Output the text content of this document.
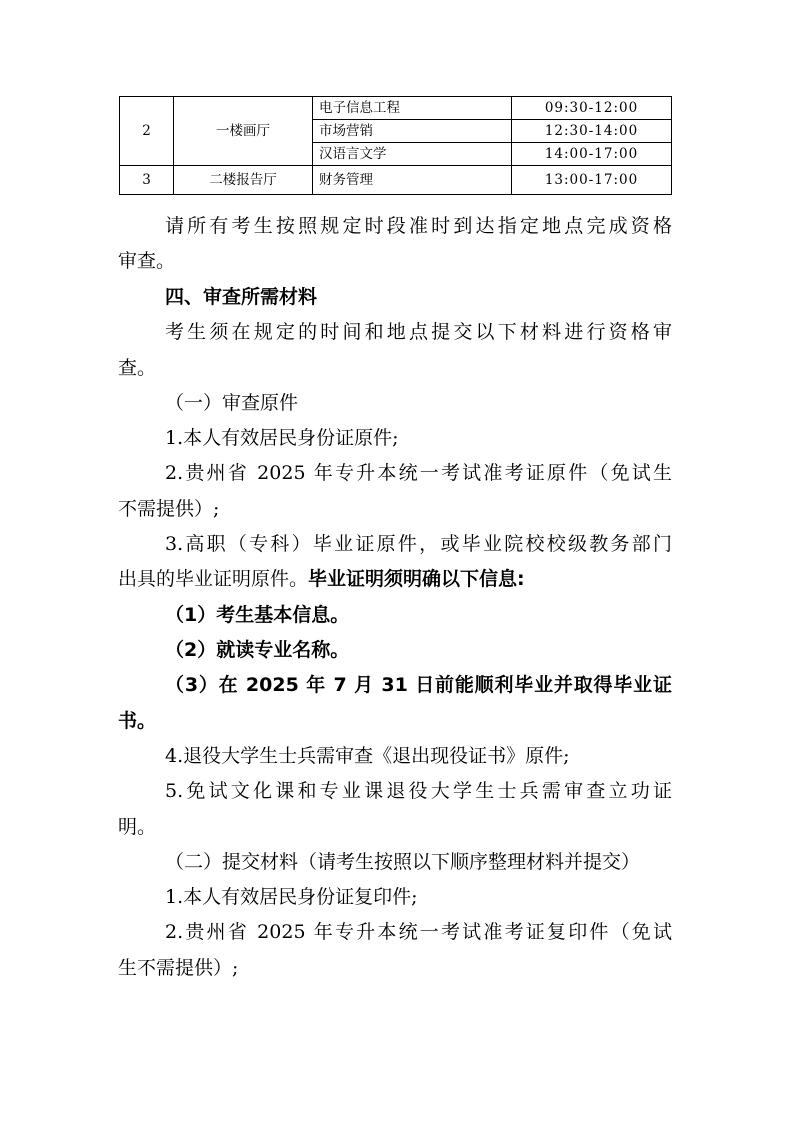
2	一楼画厅	电子信息工程	09:30-12:00
		市场营销	12:30-14:00
		汉语言文学	14:00-17:00
3	二楼报告厅	财务管理	13:00-17:00
请所有考生按照规定时段准时到达指定地点完成资格
审查。
四、审查所需材料
考生须在规定的时间和地点提交以下材料进行资格审
查。
（一）审查原件
1.本人有效居民身份证原件;
2.贵州省 2025 年专升本统一考试准考证原件（免试生
不需提供）;
3.高职（专科）毕业证原件，或毕业院校校级教务部门
出具的毕业证明原件。毕业证明须明确以下信息:
（1）考生基本信息。
（2）就读专业名称。
（3）在 2025 年 7 月 31 日前能顺利毕业并取得毕业证
书。
4.退役大学生士兵需审查《退出现役证书》原件;
5.免试文化课和专业课退役大学生士兵需审查立功证
明。
（二）提交材料（请考生按照以下顺序整理材料并提交）
1.本人有效居民身份证复印件;
2.贵州省 2025 年专升本统一考试准考证复印件（免试
生不需提供）;
